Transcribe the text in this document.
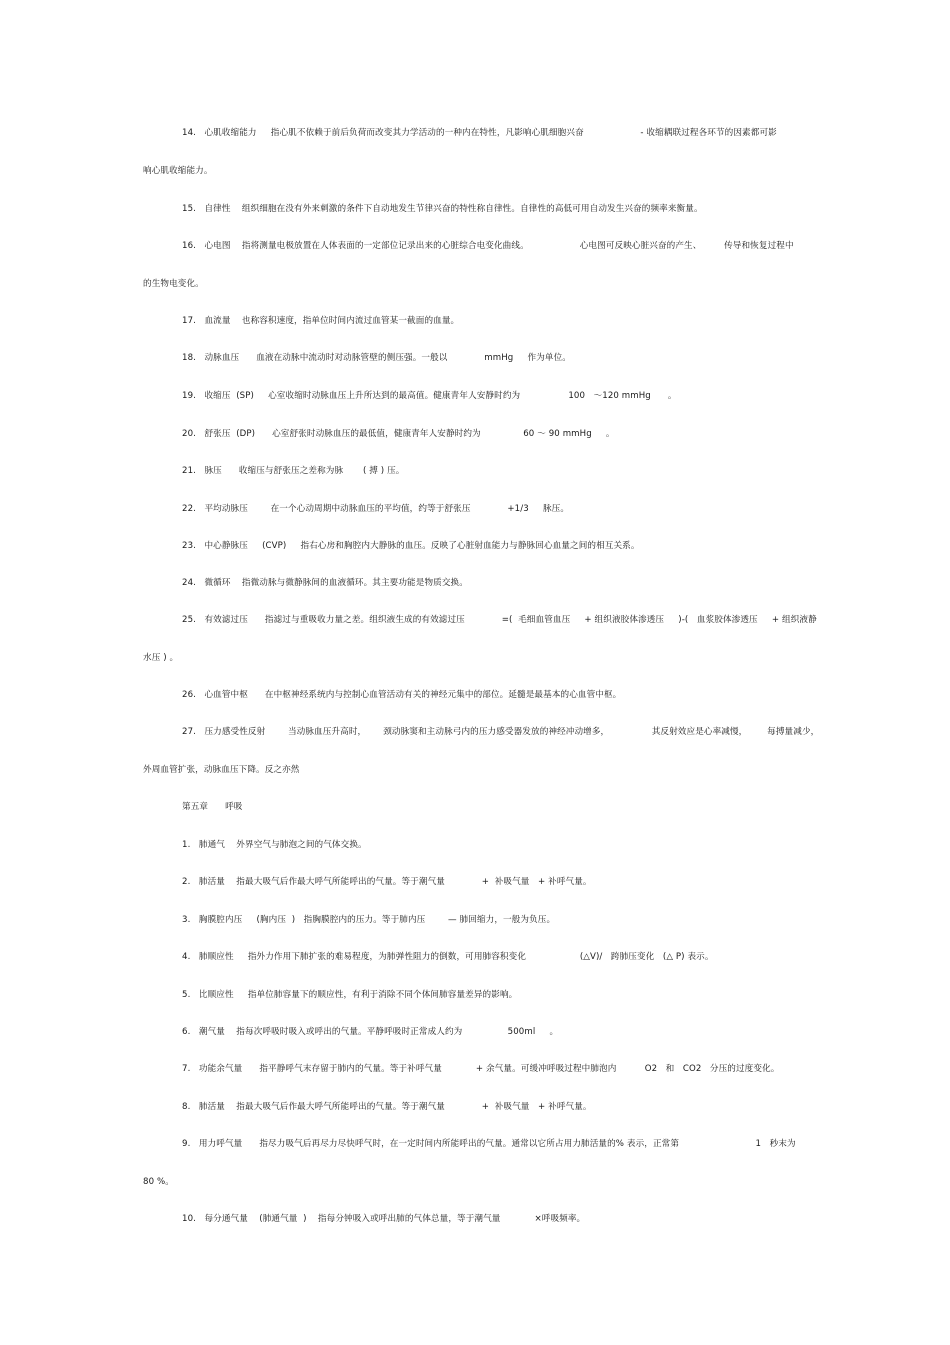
14.   心肌收缩能力     指心肌不依赖于前后负荷而改变其力学活动的一种内在特性，凡影响心肌细胞兴奋                    - 收缩耦联过程各环节的因素都可影
响心肌收缩能力。
15.   自律性    组织细胞在没有外来刺激的条件下自动地发生节律兴奋的特性称自律性。自律性的高低可用自动发生兴奋的频率来衡量。
16.   心电图    指将测量电极放置在人体表面的一定部位记录出来的心脏综合电变化曲线。                  心电图可反映心脏兴奋的产生、        传导和恢复过程中
的生物电变化。
17.   血流量    也称容积速度，指单位时间内流过血管某一截面的血量。
18.   动脉血压      血液在动脉中流动时对动脉管壁的侧压强。一般以             mmHg     作为单位。
19.   收缩压  (SP)     心室收缩时动脉血压上升所达到的最高值。健康青年人安静时约为                 100   ～120 mmHg      。
20.   舒张压  (DP)      心室舒张时动脉血压的最低值，健康青年人安静时约为               60 ～ 90 mmHg     。
21.   脉压      收缩压与舒张压之差称为脉       ( 搏 ) 压。
22.   平均动脉压        在一个心动周期中动脉血压的平均值，约等于舒张压             +1/3     脉压。
23.   中心静脉压     (CVP)     指右心房和胸腔内大静脉的血压。反映了心脏射血能力与静脉回心血量之间的相互关系。
24.   微循环    指微动脉与微静脉间的血液循环。其主要功能是物质交换。
25.   有效滤过压      指滤过与重吸收力量之差。组织液生成的有效滤过压             =(  毛细血管血压     + 组织液胶体渗透压     )-(   血浆胶体渗透压     + 组织液静
水压 ) 。
26.   心血管中枢      在中枢神经系统内与控制心血管活动有关的神经元集中的部位。延髓是最基本的心血管中枢。
27.   压力感受性反射        当动脉血压升高时，      颈动脉窦和主动脉弓内的压力感受器发放的神经冲动增多，               其反射效应是心率减慢，       每搏量减少，
外周血管扩张，动脉血压下降。反之亦然
第五章      呼吸
1.   肺通气    外界空气与肺泡之间的气体交换。
2.   肺活量    指最大吸气后作最大呼气所能呼出的气量。等于潮气量             +  补吸气量   + 补呼气量。
3.   胸膜腔内压     (胸内压  )   指胸膜腔内的压力。等于肺内压        — 肺回缩力，一般为负压。
4.   肺顺应性     指外力作用下肺扩张的难易程度，为肺弹性阻力的倒数，可用肺容积变化                   (△V)/   跨肺压变化   (△ P) 表示。
5.   比顺应性     指单位肺容量下的顺应性，有利于消除不同个体间肺容量差异的影响。
6.   潮气量    指每次呼吸时吸入或呼出的气量。平静呼吸时正常成人约为                500ml     。
7.   功能余气量      指平静呼气末存留于肺内的气量。等于补呼气量            + 余气量。可缓冲呼吸过程中肺泡内          O2   和   CO2   分压的过度变化。
8.   肺活量    指最大吸气后作最大呼气所能呼出的气量。等于潮气量             +  补吸气量   + 补呼气量。
9.   用力呼气量      指尽力吸气后再尽力尽快呼气时，在一定时间内所能呼出的气量。通常以它所占用力肺活量的% 表示，正常第                           1   秒末为
80 %。
10.   每分通气量    (肺通气量  )    指每分钟吸入或呼出肺的气体总量，等于潮气量            ×呼吸频率。
